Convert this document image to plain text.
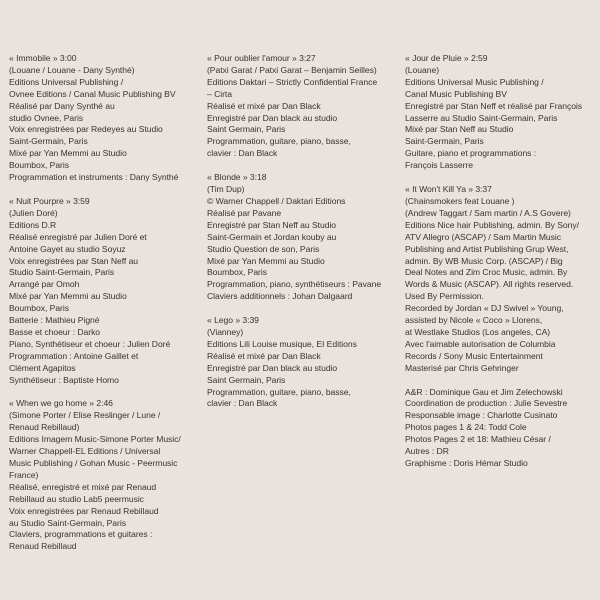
« Immobile » 3:00
(Louane / Louane - Dany Synthé)
Editions Universal Publishing /
Ovnee Editions / Canal Music Publishing BV
Réalisé par Dany Synthé au
studio Ovnee, Paris
Voix enregistrées par Redeyes au Studio
Saint-Germain, Paris
Mixé par Yan Memmi au Studio
Boumbox, Paris
Programmation et instruments : Dany Synthé
« Nuit Pourpre » 3:59
(Julien Doré)
Editions D.R
Réalisé enregistré par Julien Doré et
Antoine Gayet au studio Soyuz
Voix enregistrées par Stan Neff au
Studio Saint-Germain, Paris
Arrangé par Omoh
Mixé par Yan Memmi au Studio
Boumbox, Paris
Batterie : Mathieu Pigné
Basse et choeur : Darko
Piano, Synthétiseur et choeur : Julien Doré
Programmation : Antoine Gaillet et
Clément Agapitos
Synthétiseur : Baptiste Homo
« When we go home » 2:46
(Simone Porter / Elise Reslinger / Lune /
Renaud Rebillaud)
Editions Imagem Music-Simone Porter Music/
Warner Chappell-EL Editions / Universal
Music Publishing / Gohan Music - Peermusic
France)
Réalisé, enregistré et mixé par Renaud
Rebillaud au studio Lab5 peermusic
Voix enregistrées par Renaud Rebillaud
au Studio Saint-Germain, Paris
Claviers, programmations et guitares :
Renaud Rebillaud
« Pour oublier l'amour » 3:27
(Patxi Garat / Patxi Garat – Benjamin Seilles)
Editions Daktari – Strictly Confidential France
– Cirta
Réalisé et mixé par Dan Black
Enregistré par Dan black au studio
Saint Germain, Paris
Programmation, guitare, piano, basse,
clavier : Dan Black
« Blonde » 3:18
(Tim Dup)
© Warner Chappell / Daktari Editions
Réalisé par Pavane
Enregistré par Stan Neff au Studio
Saint-Germain et Jordan kouby au
Studio Question de son, Paris
Mixé par Yan Memmi au Studio
Boumbox, Paris
Programmation, piano, synthétiseurs : Pavane
Claviers additionnels : Johan Dalgaard
« Lego » 3:39
(Vianney)
Editions Lili Louise musique, EI Editions
Réalisé et mixé par Dan Black
Enregistré par Dan black au studio
Saint Germain, Paris
Programmation, guitare, piano, basse,
clavier : Dan Black
« Jour de Pluie » 2:59
(Louane)
Editions Universal Music Publishing /
Canal Music Publishing BV
Enregistré par Stan Neff et réalisé par François
Lasserre au Studio Saint-Germain, Paris
Mixé par Stan Neff au Studio
Saint-Germain, Paris
Guitare, piano et programmations :
François Lasserre
« It Won't Kill Ya » 3:37
(Chainsmokers feat Louane )
(Andrew Taggart / Sam martin / A.S Govere)
Editions Nice hair Publishing, admin. By Sony/
ATV Allegro (ASCAP) / Sam Martin Music
Publishing and Artist Publishing Grup West,
admin. By WB Music Corp. (ASCAP) / Big
Deal Notes and Zim Croc Music, admin. By
Words & Music (ASCAP). All rights reserved.
Used By Permission.
Recorded by Jordan « DJ Swivel » Young,
assisted by Nicole « Coco » Llorens,
at Westlake Studios (Los angeles, CA)
Avec l'aimable autorisation de Columbia
Records / Sony Music Entertainment
Masterisé par Chris Gehringer
A&R : Dominique Gau et Jim Zelechowski
Coordination de production : Julie Sevestre
Responsable image : Charlotte Cusinato
Photos pages 1 & 24: Todd Cole
Photos Pages 2 et 18: Mathieu César /
Autres : DR
Graphisme : Doris Hémar Studio
